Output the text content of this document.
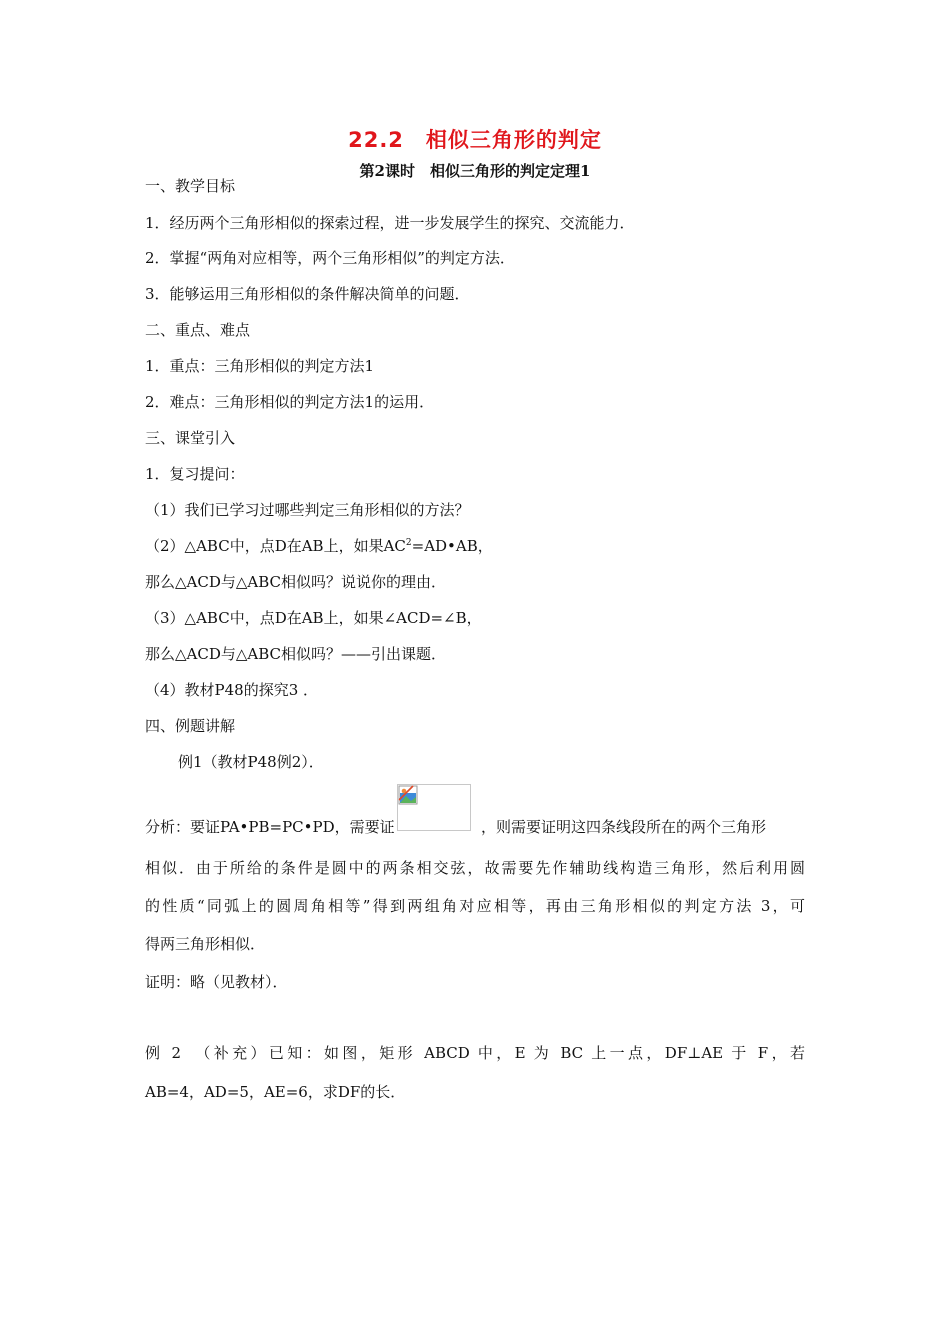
22.2　相似三角形的判定
第2课时　相似三角形的判定定理1
一、教学目标
1．经历两个三角形相似的探索过程，进一步发展学生的探究、交流能力．
2．掌握“两角对应相等，两个三角形相似”的判定方法．
3．能够运用三角形相似的条件解决简单的问题．
二、重点、难点
1．重点：三角形相似的判定方法1
2．难点：三角形相似的判定方法1的运用．
三、课堂引入
1．复习提问：
（1）我们已学习过哪些判定三角形相似的方法？
（2）△ABC中，点D在AB上，如果$AC^2=AD•AB$，
那么△ACD与△ABC相似吗？说说你的理由．
（3）△ABC中，点D在AB上，如果∠ACD=∠B，
那么△ACD与△ABC相似吗？——引出课题．
（4）教材P48的探究3 ．
四、例题讲解
例1（教材P48例2）．
分析：要证PA•PB=PC•PD，需要证	，则需要证明这四条线段所在的两个三角形
相似．由于所给的条件是圆中的两条相交弦，故需要先作辅助线构造三角形，然后利用圆
的性质“同弧上的圆周角相等”得到两组角对应相等，再由三角形相似的判定方法 3，可
得两三角形相似．
证明：略（见教材）．
例 2　（补充）已知：如图，矩形 ABCD 中，E 为 BC 上一点，DF⊥AE 于 F，若
AB=4，AD=5，AE=6，求DF的长．
